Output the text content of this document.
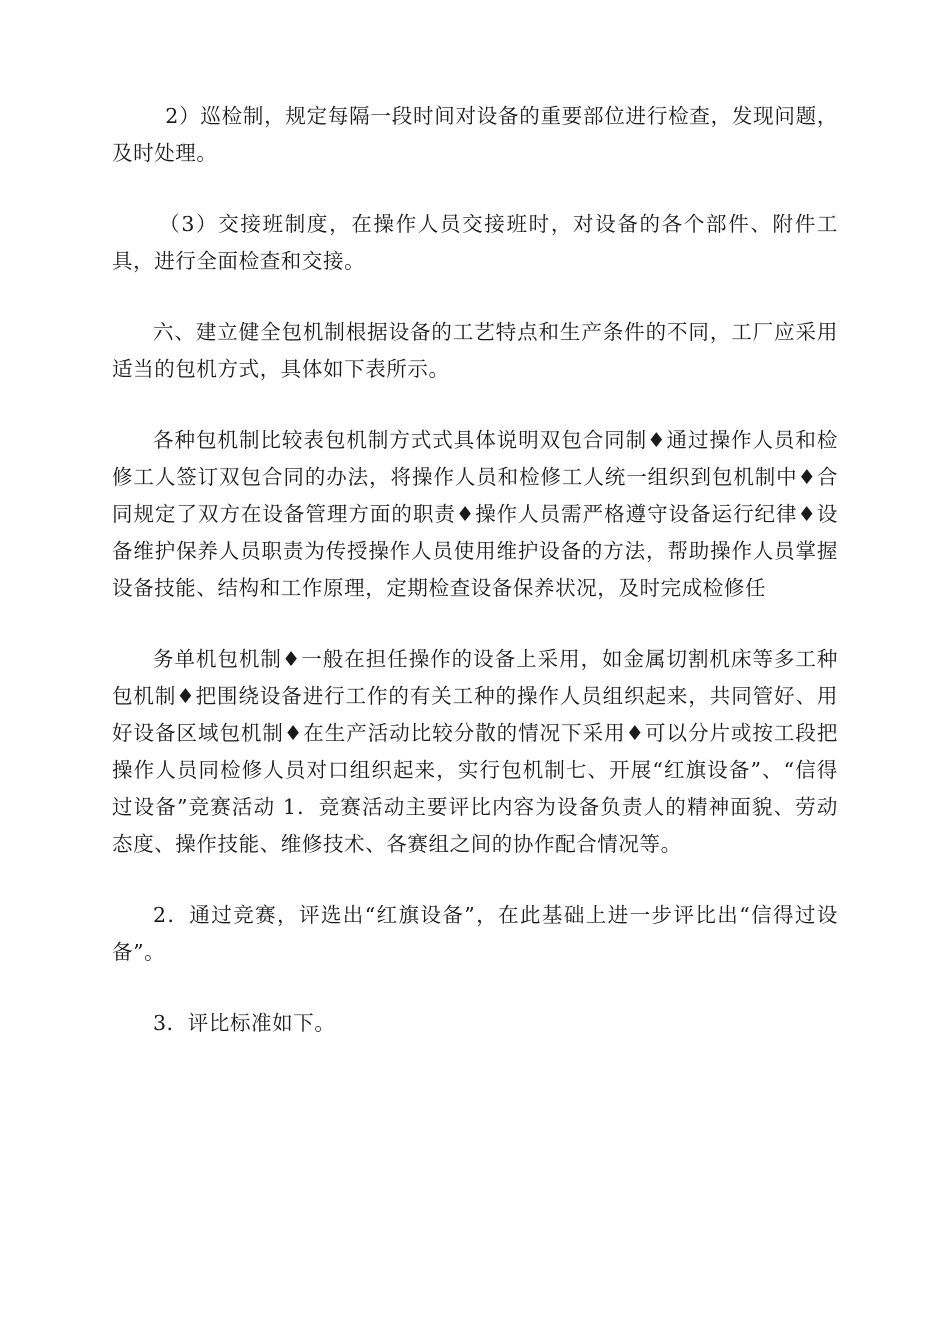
2）巡检制，规定每隔一段时间对设备的重要部位进行检查，发现问题，及时处理。

（3）交接班制度，在操作人员交接班时，对设备的各个部件、附件工具，进行全面检查和交接。

六、建立健全包机制根据设备的工艺特点和生产条件的不同，工厂应采用适当的包机方式，具体如下表所示。

各种包机制比较表包机制方式式具体说明双包合同制♦通过操作人员和检修工人签订双包合同的办法，将操作人员和检修工人统一组织到包机制中♦合同规定了双方在设备管理方面的职责♦操作人员需严格遵守设备运行纪律♦设备维护保养人员职责为传授操作人员使用维护设备的方法，帮助操作人员掌握设备技能、结构和工作原理，定期检查设备保养状况，及时完成检修任

务单机包机制♦一般在担任操作的设备上采用，如金属切割机床等多工种包机制♦把围绕设备进行工作的有关工种的操作人员组织起来，共同管好、用好设备区域包机制♦在生产活动比较分散的情况下采用♦可以分片或按工段把操作人员同检修人员对口组织起来，实行包机制七、开展“红旗设备”、“信得过设备”竞赛活动 1．竞赛活动主要评比内容为设备负责人的精神面貌、劳动态度、操作技能、维修技术、各赛组之间的协作配合情况等。

2．通过竞赛，评选出“红旗设备”，在此基础上进一步评比出“信得过设备”。

3．评比标准如下。
